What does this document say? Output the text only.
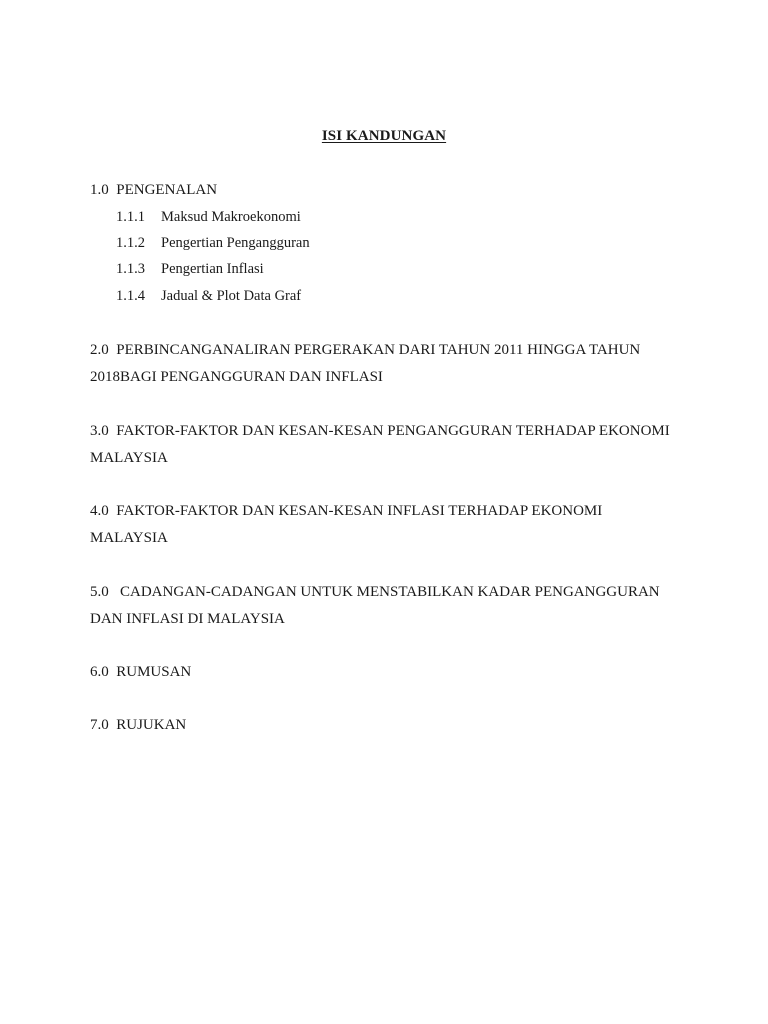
ISI KANDUNGAN
1.0 PENGENALAN
1.1.1 Maksud Makroekonomi
1.1.2 Pengertian Pengangguran
1.1.3 Pengertian Inflasi
1.1.4 Jadual & Plot Data Graf
2.0 PERBINCANGANALIRAN PERGERAKAN DARI TAHUN 2011 HINGGA TAHUN
2018BAGI PENGANGGURAN DAN INFLASI
3.0 FAKTOR-FAKTOR DAN KESAN-KESAN PENGANGGURAN TERHADAP EKONOMI
MALAYSIA
4.0 FAKTOR-FAKTOR DAN KESAN-KESAN INFLASI TERHADAP EKONOMI
MALAYSIA
5.0 CADANGAN-CADANGAN UNTUK MENSTABILKAN KADAR PENGANGGURAN
DAN INFLASI DI MALAYSIA
6.0 RUMUSAN
7.0 RUJUKAN
